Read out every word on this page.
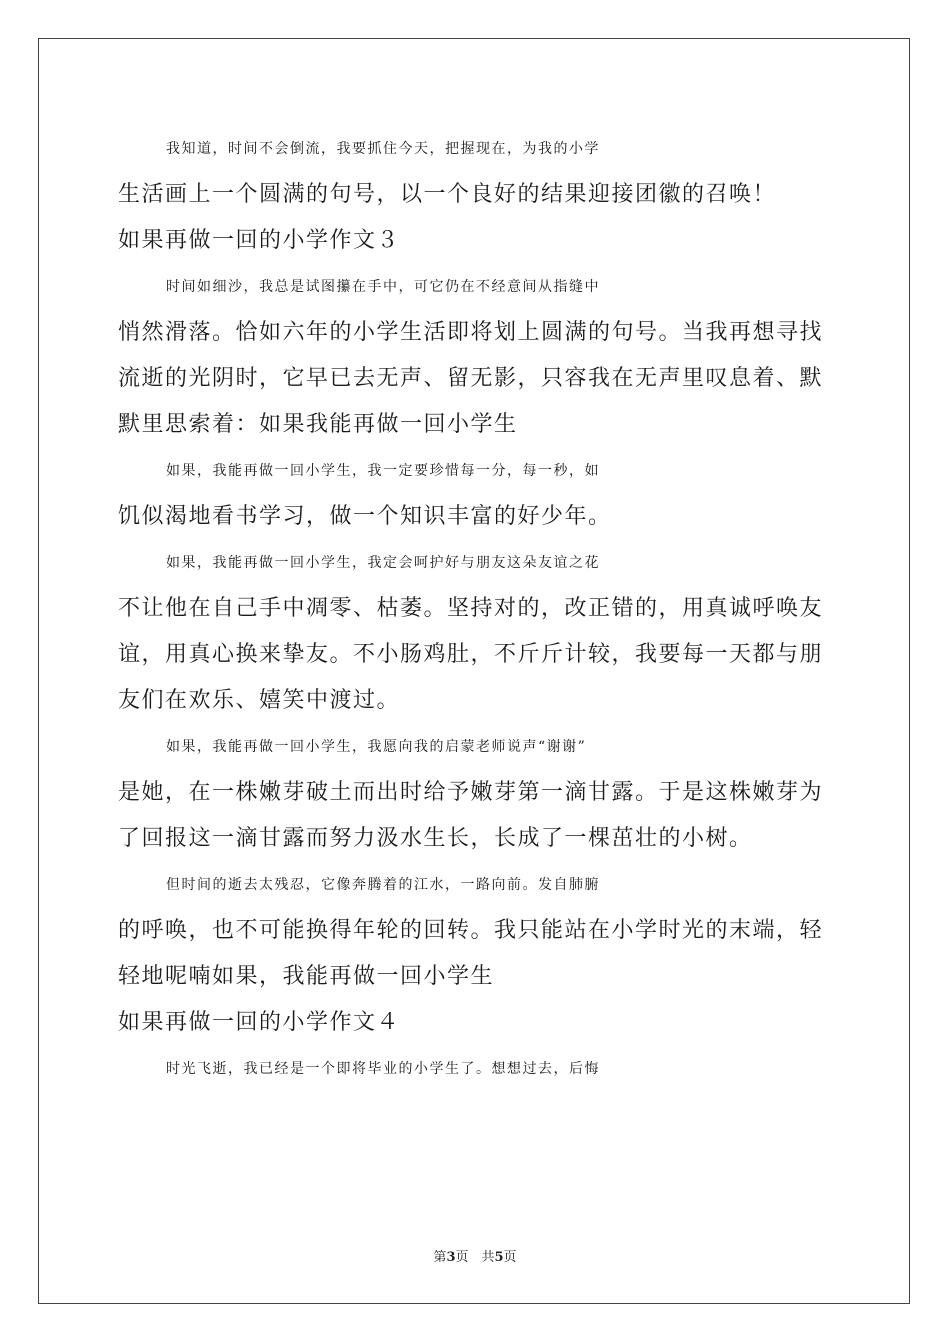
我知道，时间不会倒流，我要抓住今天，把握现在，为我的小学
生活画上一个圆满的句号，以一个良好的结果迎接团徽的召唤！

如果再做一回的小学作文３

时间如细沙，我总是试图攥在手中，可它仍在不经意间从指缝中
悄然滑落。恰如六年的小学生活即将划上圆满的句号。当我再想寻找
流逝的光阴时，它早已去无声、留无影，只容我在无声里叹息着、默
默里思索着：如果我能再做一回小学生

如果，我能再做一回小学生，我一定要珍惜每一分，每一秒，如
饥似渴地看书学习，做一个知识丰富的好少年。

如果，我能再做一回小学生，我定会呵护好与朋友这朵友谊之花
不让他在自己手中凋零、枯萎。坚持对的，改正错的，用真诚呼唤友
谊，用真心换来挚友。不小肠鸡肚，不斤斤计较，我要每一天都与朋
友们在欢乐、嬉笑中渡过。

如果，我能再做一回小学生，我愿向我的启蒙老师说声“谢谢”
是她，在一株嫩芽破土而出时给予嫩芽第一滴甘露。于是这株嫩芽为
了回报这一滴甘露而努力汲水生长，长成了一棵茁壮的小树。

但时间的逝去太残忍，它像奔腾着的江水，一路向前。发自肺腑
的呼唤，也不可能换得年轮的回转。我只能站在小学时光的末端，轻
轻地呢喃如果，我能再做一回小学生

如果再做一回的小学作文４

时光飞逝，我已经是一个即将毕业的小学生了。想想过去，后悔

第3页　共5页
